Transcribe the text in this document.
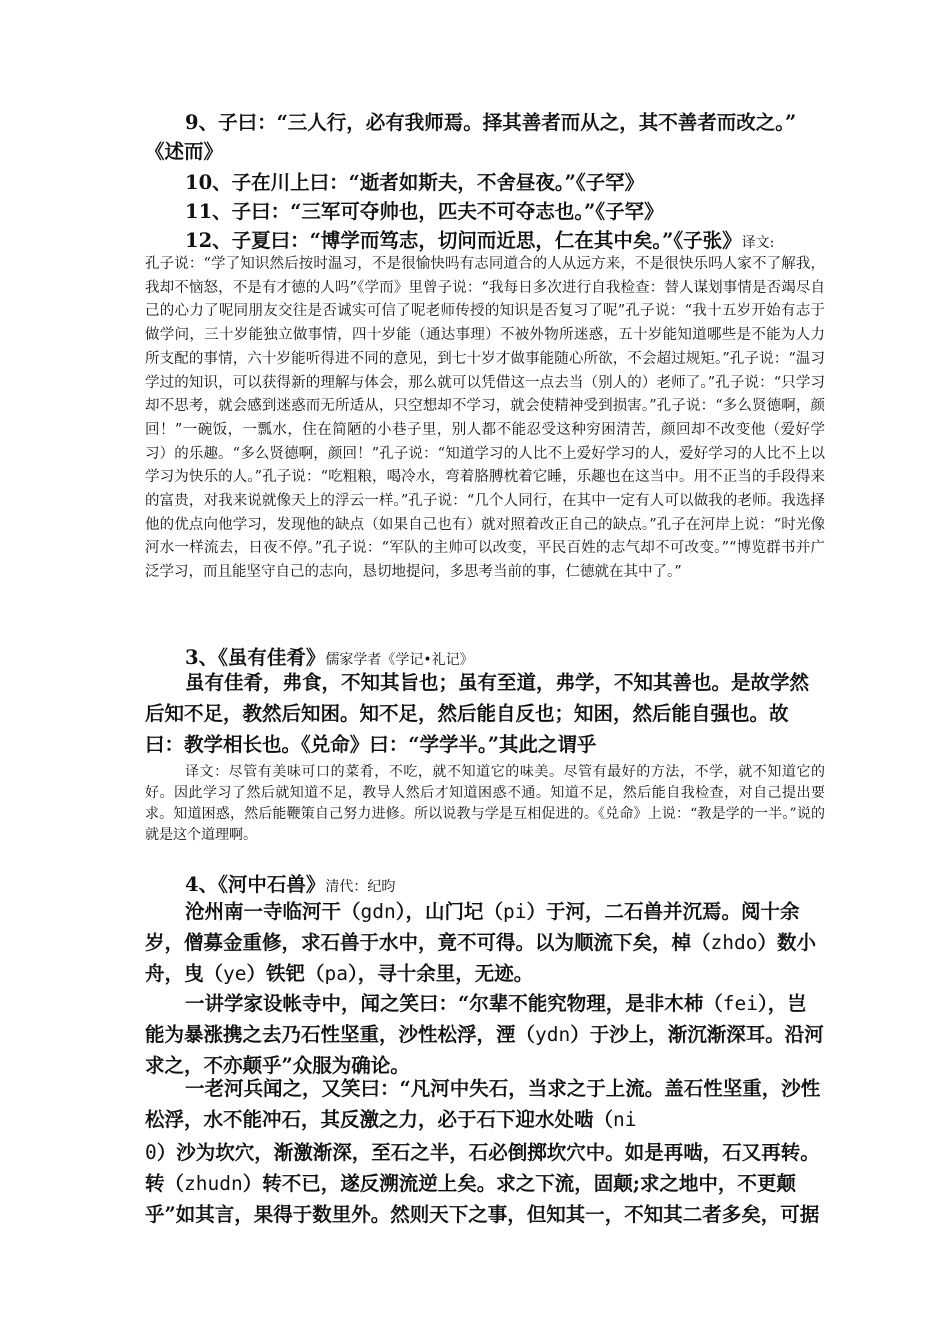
9、子曰：“三人行，必有我师焉。择其善者而从之，其不善者而改之。”
《述而》
10、子在川上曰：“逝者如斯夫，不舍昼夜。”《子罕》
11、子曰：“三军可夺帅也，匹夫不可夺志也。”《子罕》
12、子夏曰：“博学而笃志，切问而近思，仁在其中矣。”《子张》译文:
孔子说：“学了知识然后按时温习，不是很愉快吗有志同道合的人从远方来，不是很快乐吗人家不了解我，我却不恼怒，不是有才德的人吗”《学而》里曾子说：“我每日多次进行自我检查：替人谋划事情是否竭尽自己的心力了呢同朋友交往是否诚实可信了呢老师传授的知识是否复习了呢”孔子说：“我十五岁开始有志于做学问，三十岁能独立做事情，四十岁能（通达事理）不被外物所迷惑，五十岁能知道哪些是不能为人力所支配的事情，六十岁能听得进不同的意见，到七十岁才做事能随心所欲，不会超过规矩。”孔子说：“温习学过的知识，可以获得新的理解与体会，那么就可以凭借这一点去当（别人的）老师了。”孔子说：“只学习却不思考，就会感到迷惑而无所适从，只空想却不学习，就会使精神受到损害。”孔子说：“多么贤德啊，颜回！”一碗饭，一瓢水，住在简陋的小巷子里，别人都不能忍受这种穷困清苦，颜回却不改变他（爱好学习）的乐趣。“多么贤德啊，颜回！”孔子说：“知道学习的人比不上爱好学习的人，爱好学习的人比不上以学习为快乐的人。”孔子说：“吃粗粮，喝冷水，弯着胳膊枕着它睡，乐趣也在这当中。用不正当的手段得来的富贵，对我来说就像天上的浮云一样。”孔子说：“几个人同行，在其中一定有人可以做我的老师。我选择他的优点向他学习，发现他的缺点（如果自己也有）就对照着改正自己的缺点。”孔子在河岸上说：“时光像河水一样流去，日夜不停。”孔子说：“军队的主帅可以改变，平民百姓的志气却不可改变。”“博览群书并广泛学习，而且能坚守自己的志向，恳切地提问，多思考当前的事，仁德就在其中了。”
3、《虽有佳肴》儒家学者《学记•礼记》
虽有佳肴，弗食，不知其旨也；虽有至道，弗学，不知其善也。是故学然后知不足，教然后知困。知不足，然后能自反也；知困，然后能自强也。故曰：教学相长也。《兑命》曰：“学学半。”其此之谓乎
译文：尽管有美味可口的菜肴，不吃，就不知道它的味美。尽管有最好的方法，不学，就不知道它的好。因此学习了然后就知道不足，教导人然后才知道困惑不通。知道不足，然后能自我检查，对自己提出要求。知道困惑，然后能鞭策自己努力进修。所以说教与学是互相促进的。《兑命》上说：“教是学的一半。”说的就是这个道理啊。
4、《河中石兽》清代：纪昀
沧州南一寺临河干（gdn），山门圮（pi）于河，二石兽并沉焉。阅十余岁，僧募金重修，求石兽于水中，竟不可得。以为顺流下矣，棹（zhdo）数小舟，曳（ye）铁钯（pa），寻十余里，无迹。
一讲学家设帐寺中，闻之笑曰：“尔辈不能究物理，是非木杮（fei），岂能为暴涨携之去乃石性坚重，沙性松浮，湮（ydn）于沙上，渐沉渐深耳。沿河求之，不亦颠乎”众服为确论。
一老河兵闻之，又笑曰：“凡河中失石，当求之于上流。盖石性坚重，沙性松浮，水不能冲石，其反激之力，必于石下迎水处啮（ni
0）沙为坎穴，渐激渐深，至石之半，石必倒掷坎穴中。如是再啮，石又再转。转（zhudn）转不已，遂反溯流逆上矣。求之下流，固颠;求之地中，不更颠乎”如其言，果得于数里外。然则天下之事，但知其一，不知其二者多矣，可据
